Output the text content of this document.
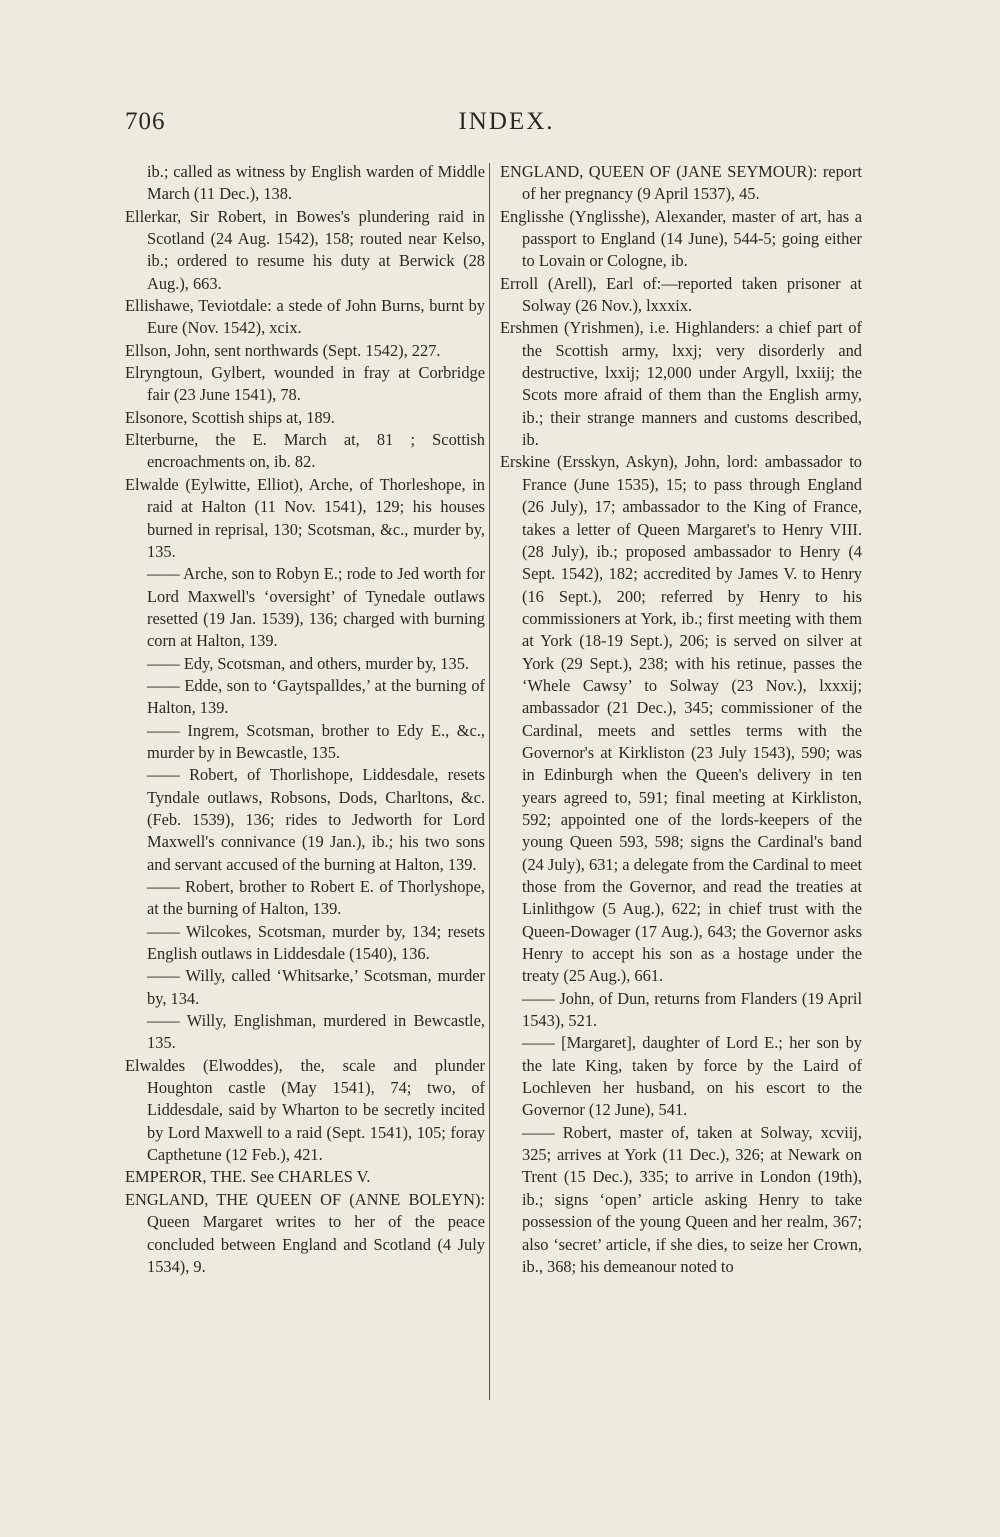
706	INDEX.
ib.; called as witness by English warden of Middle March (11 Dec.), 138.
Ellerkar, Sir Robert, in Bowes's plundering raid in Scotland (24 Aug. 1542), 158; routed near Kelso, ib.; ordered to resume his duty at Berwick (28 Aug.), 663.
Ellishawe, Teviotdale: a stede of John Burns, burnt by Eure (Nov. 1542), xcix.
Ellson, John, sent northwards (Sept. 1542), 227.
Elryngtoun, Gylbert, wounded in fray at Corbridge fair (23 June 1541), 78.
Elsonore, Scottish ships at, 189.
Elterburne, the E. March at, 81 ; Scottish encroachments on, ib. 82.
Elwalde (Eylwitte, Elliot), Arche, of Thorleshope, in raid at Halton (11 Nov. 1541), 129; his houses burned in reprisal, 130; Scotsman, &c., murder by, 135.
—— Arche, son to Robyn E.; rode to Jed worth for Lord Maxwell's ‘oversight’ of Tynedale outlaws resetted (19 Jan. 1539), 136; charged with burning corn at Halton, 139.
—— Edy, Scotsman, and others, murder by, 135.
—— Edde, son to ‘Gaytspalldes,’ at the burning of Halton, 139.
—— Ingrem, Scotsman, brother to Edy E., &c., murder by in Bewcastle, 135.
—— Robert, of Thorlishope, Liddesdale, resets Tyndale outlaws, Robsons, Dods, Charltons, &c. (Feb. 1539), 136; rides to Jedworth for Lord Maxwell's connivance (19 Jan.), ib.; his two sons and servant accused of the burning at Halton, 139.
—— Robert, brother to Robert E. of Thorlyshope, at the burning of Halton, 139.
—— Wilcokes, Scotsman, murder by, 134; resets English outlaws in Liddesdale (1540), 136.
—— Willy, called ‘Whitsarke,’ Scotsman, murder by, 134.
—— Willy, Englishman, murdered in Bewcastle, 135.
Elwaldes (Elwoddes), the, scale and plunder Houghton castle (May 1541), 74; two, of Liddesdale, said by Wharton to be secretly incited by Lord Maxwell to a raid (Sept. 1541), 105; foray Capthetune (12 Feb.), 421.
EMPEROR, THE. See CHARLES V.
ENGLAND, THE QUEEN OF (ANNE BOLEYN): Queen Margaret writes to her of the peace concluded between England and Scotland (4 July 1534), 9.
ENGLAND, QUEEN OF (JANE SEYMOUR): report of her pregnancy (9 April 1537), 45.
Englisshe (Ynglisshe), Alexander, master of art, has a passport to England (14 June), 544-5; going either to Lovain or Cologne, ib.
Erroll (Arell), Earl of:—reported taken prisoner at Solway (26 Nov.), lxxxix.
Ershmen (Yrishmen), i.e. Highlanders: a chief part of the Scottish army, lxxj; very disorderly and destructive, lxxij; 12,000 under Argyll, lxxiij; the Scots more afraid of them than the English army, ib.; their strange manners and customs described, ib.
Erskine (Ersskyn, Askyn), John, lord: ambassador to France (June 1535), 15; to pass through England (26 July), 17; ambassador to the King of France, takes a letter of Queen Margaret's to Henry VIII. (28 July), ib.; proposed ambassador to Henry (4 Sept. 1542), 182; accredited by James V. to Henry (16 Sept.), 200; referred by Henry to his commissioners at York, ib.; first meeting with them at York (18-19 Sept.), 206; is served on silver at York (29 Sept.), 238; with his retinue, passes the ‘Whele Cawsy’ to Solway (23 Nov.), lxxxij; ambassador (21 Dec.), 345; commissioner of the Cardinal, meets and settles terms with the Governor's at Kirkliston (23 July 1543), 590; was in Edinburgh when the Queen's delivery in ten years agreed to, 591; final meeting at Kirkliston, 592; appointed one of the lords-keepers of the young Queen 593, 598; signs the Cardinal's band (24 July), 631; a delegate from the Cardinal to meet those from the Governor, and read the treaties at Linlithgow (5 Aug.), 622; in chief trust with the Queen-Dowager (17 Aug.), 643; the Governor asks Henry to accept his son as a hostage under the treaty (25 Aug.), 661.
—— John, of Dun, returns from Flanders (19 April 1543), 521.
—— [Margaret], daughter of Lord E.; her son by the late King, taken by force by the Laird of Lochleven her husband, on his escort to the Governor (12 June), 541.
—— Robert, master of, taken at Solway, xcviij, 325; arrives at York (11 Dec.), 326; at Newark on Trent (15 Dec.), 335; to arrive in London (19th), ib.; signs ‘open’ article asking Henry to take possession of the young Queen and her realm, 367; also ‘secret’ article, if she dies, to seize her Crown, ib., 368; his demeanour noted to
